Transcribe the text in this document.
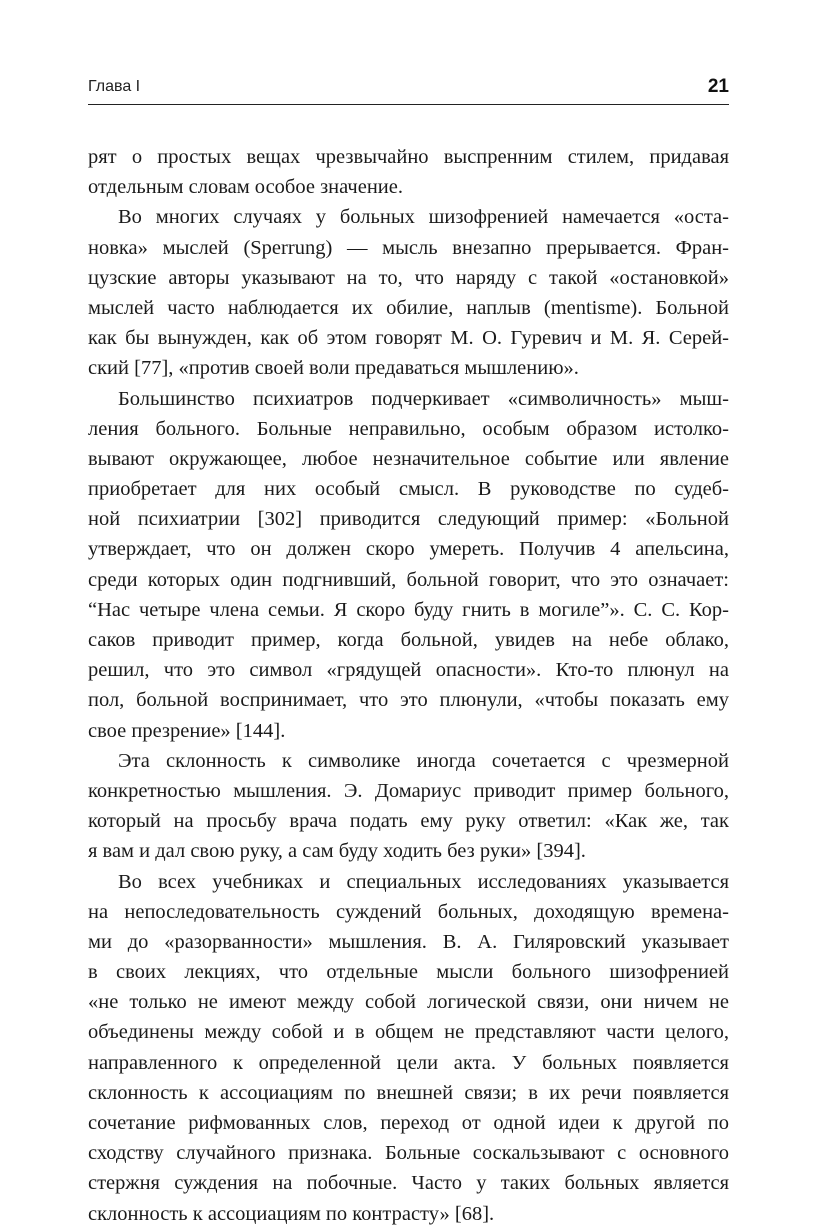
Глава I	21
рят о простых вещах чрезвычайно выспренним стилем, придавая
отдельным словам особое значение.
Во многих случаях у больных шизофренией намечается «оста-
новка» мыслей (Sperrung) — мысль внезапно прерывается. Фран-
цузские авторы указывают на то, что наряду с такой «остановкой»
мыслей часто наблюдается их обилие, наплыв (mentisme). Больной
как бы вынужден, как об этом говорят М. О. Гуревич и М. Я. Серей-
ский [77], «против своей воли предаваться мышлению».
Большинство психиатров подчеркивает «символичность» мыш-
ления больного. Больные неправильно, особым образом истолко-
вывают окружающее, любое незначительное событие или явление
приобретает для них особый смысл. В руководстве по судеб-
ной психиатрии [302] приводится следующий пример: «Больной
утверждает, что он должен скоро умереть. Получив 4 апельсина,
среди которых один подгнивший, больной говорит, что это означает:
“Нас четыре члена семьи. Я скоро буду гнить в могиле”». С. С. Кор-
саков приводит пример, когда больной, увидев на небе облако,
решил, что это символ «грядущей опасности». Кто-то плюнул на
пол, больной воспринимает, что это плюнули, «чтобы показать ему
свое презрение» [144].
Эта склонность к символике иногда сочетается с чрезмерной
конкретностью мышления. Э. Домариус приводит пример больного,
который на просьбу врача подать ему руку ответил: «Как же, так
я вам и дал свою руку, а сам буду ходить без руки» [394].
Во всех учебниках и специальных исследованиях указывается
на непоследовательность суждений больных, доходящую времена-
ми до «разорванности» мышления. В. А. Гиляровский указывает
в своих лекциях, что отдельные мысли больного шизофренией
«не только не имеют между собой логической связи, они ничем не
объединены между собой и в общем не представляют части целого,
направленного к определенной цели акта. У больных появляется
склонность к ассоциациям по внешней связи; в их речи появляется
сочетание рифмованных слов, переход от одной идеи к другой по
сходству случайного признака. Больные соскальзывают с основного
стержня суждения на побочные. Часто у таких больных является
склонность к ассоциациям по контрасту» [68].
